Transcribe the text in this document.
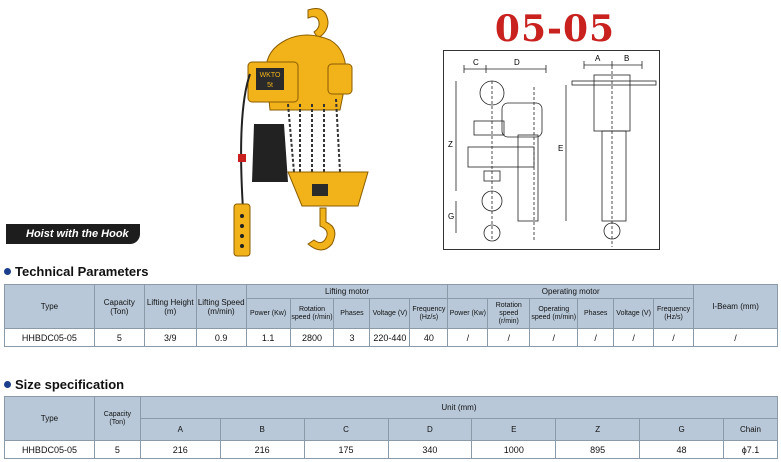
WKTO
5t
05-05
C	D
Z
G
A	B
E
Hoist with the Hook
Technical Parameters
Type	Capacity (Ton)	Lifting Height (m)	Lifting Speed (m/min)	Lifting motor					Operating motor						I-Beam (mm)
				Power (Kw)	Rotation speed (r/min)	Phases	Voltage (V)	Frequency (Hz/s)	Power (Kw)	Rotation speed (r/min)	Operating speed (m/min)	Phases	Voltage (V)	Frequency (Hz/s)	
HHBDC05-05	5	3/9	0.9	1.1	2800	3	220-440	40	/	/	/	/	/	/	/
Size specification
Type	Capacity (Ton)	Unit (mm)							
		A	B	C	D	E	Z	G	Chain
HHBDC05-05	5	216	216	175	340	1000	895	48	ϕ7.1
